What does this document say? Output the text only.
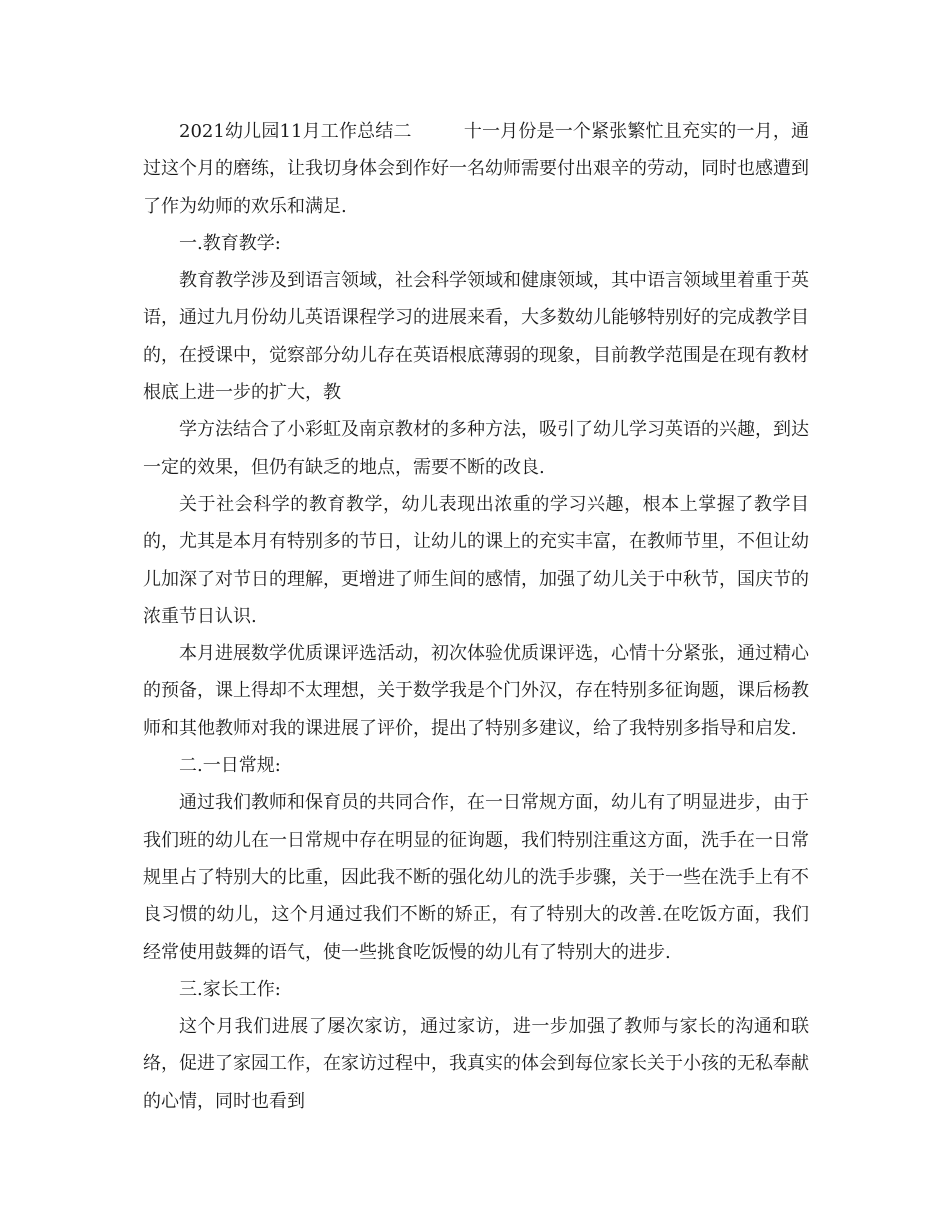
2021幼儿园11月工作总结二	十一月份是一个紧张繁忙且充实的一月，通过这个月的磨练，让我切身体会到作好一名幼师需要付出艰辛的劳动，同时也感遭到了作为幼师的欢乐和满足.

一.教育教学:

教育教学涉及到语言领域，社会科学领域和健康领域，其中语言领域里着重于英语，通过九月份幼儿英语课程学习的进展来看，大多数幼儿能够特别好的完成教学目的，在授课中，觉察部分幼儿存在英语根底薄弱的现象，目前教学范围是在现有教材根底上进一步的扩大，教

学方法结合了小彩虹及南京教材的多种方法，吸引了幼儿学习英语的兴趣，到达一定的效果，但仍有缺乏的地点，需要不断的改良.

关于社会科学的教育教学，幼儿表现出浓重的学习兴趣，根本上掌握了教学目的，尤其是本月有特别多的节日，让幼儿的课上的充实丰富，在教师节里，不但让幼儿加深了对节日的理解，更增进了师生间的感情，加强了幼儿关于中秋节，国庆节的浓重节日认识.

本月进展数学优质课评选活动，初次体验优质课评选，心情十分紧张，通过精心的预备，课上得却不太理想，关于数学我是个门外汉，存在特别多征询题，课后杨教师和其他教师对我的课进展了评价，提出了特别多建议，给了我特别多指导和启发.

二.一日常规:

通过我们教师和保育员的共同合作，在一日常规方面，幼儿有了明显进步，由于我们班的幼儿在一日常规中存在明显的征询题，我们特别注重这方面，洗手在一日常规里占了特别大的比重，因此我不断的强化幼儿的洗手步骤，关于一些在洗手上有不良习惯的幼儿，这个月通过我们不断的矫正，有了特别大的改善.在吃饭方面，我们经常使用鼓舞的语气，使一些挑食吃饭慢的幼儿有了特别大的进步.

三.家长工作:

这个月我们进展了屡次家访，通过家访，进一步加强了教师与家长的沟通和联络，促进了家园工作，在家访过程中，我真实的体会到每位家长关于小孩的无私奉献的心情，同时也看到
